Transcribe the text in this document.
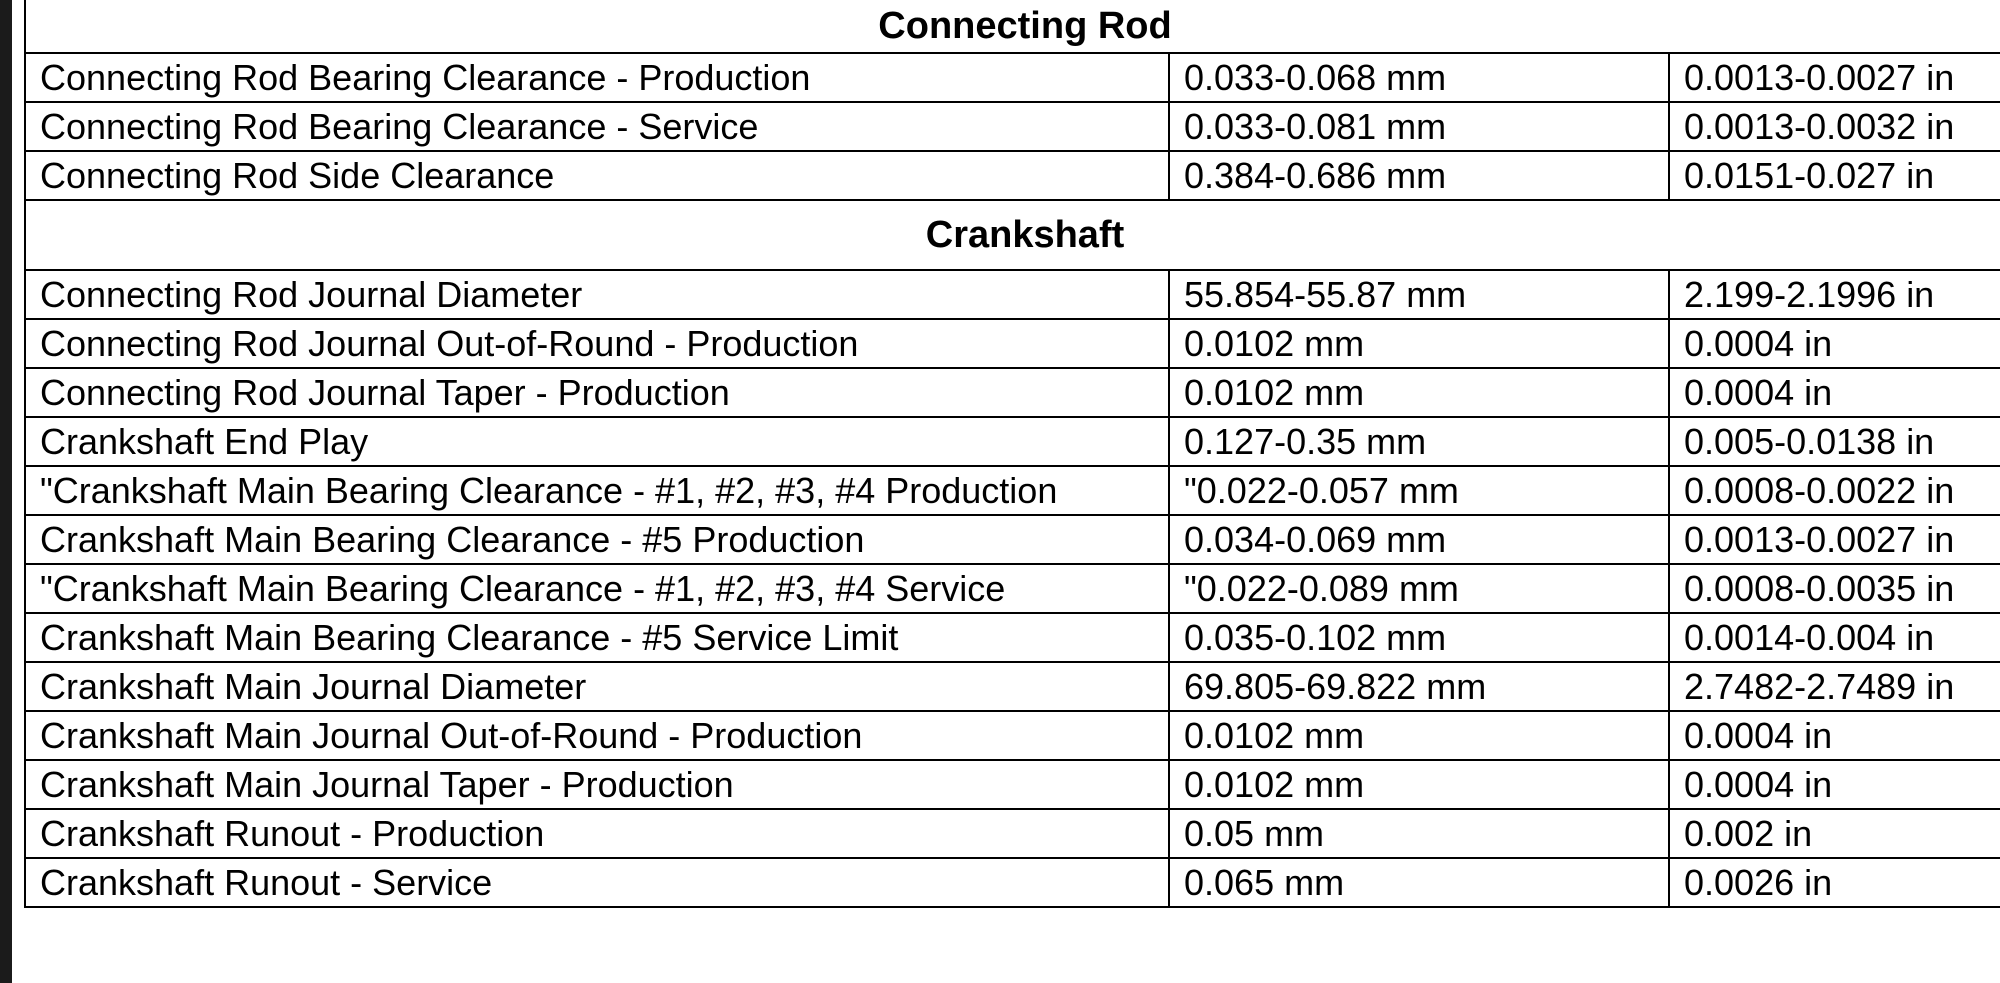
Connecting Rod		
Connecting Rod Bearing Clearance - Production	0.033-0.068 mm	0.0013-0.0027 in
Connecting Rod Bearing Clearance - Service	0.033-0.081 mm	0.0013-0.0032 in
Connecting Rod Side Clearance	0.384-0.686 mm	0.0151-0.027 in
Crankshaft		
Connecting Rod Journal Diameter	55.854-55.87 mm	2.199-2.1996 in
Connecting Rod Journal Out-of-Round - Production	0.0102 mm	0.0004 in
Connecting Rod Journal Taper - Production	0.0102 mm	0.0004 in
Crankshaft End Play	0.127-0.35 mm	0.005-0.0138 in
"Crankshaft Main Bearing Clearance - #1, #2, #3, #4 Production	"0.022-0.057 mm	0.0008-0.0022 in
Crankshaft Main Bearing Clearance - #5 Production	0.034-0.069 mm	0.0013-0.0027 in
"Crankshaft Main Bearing Clearance - #1, #2, #3, #4 Service	"0.022-0.089 mm	0.0008-0.0035 in
Crankshaft Main Bearing Clearance - #5 Service Limit	0.035-0.102 mm	0.0014-0.004 in
Crankshaft Main Journal Diameter	69.805-69.822 mm	2.7482-2.7489 in
Crankshaft Main Journal Out-of-Round - Production	0.0102 mm	0.0004 in
Crankshaft Main Journal Taper - Production	0.0102 mm	0.0004 in
Crankshaft Runout - Production	0.05 mm	0.002 in
Crankshaft Runout - Service	0.065 mm	0.0026 in
